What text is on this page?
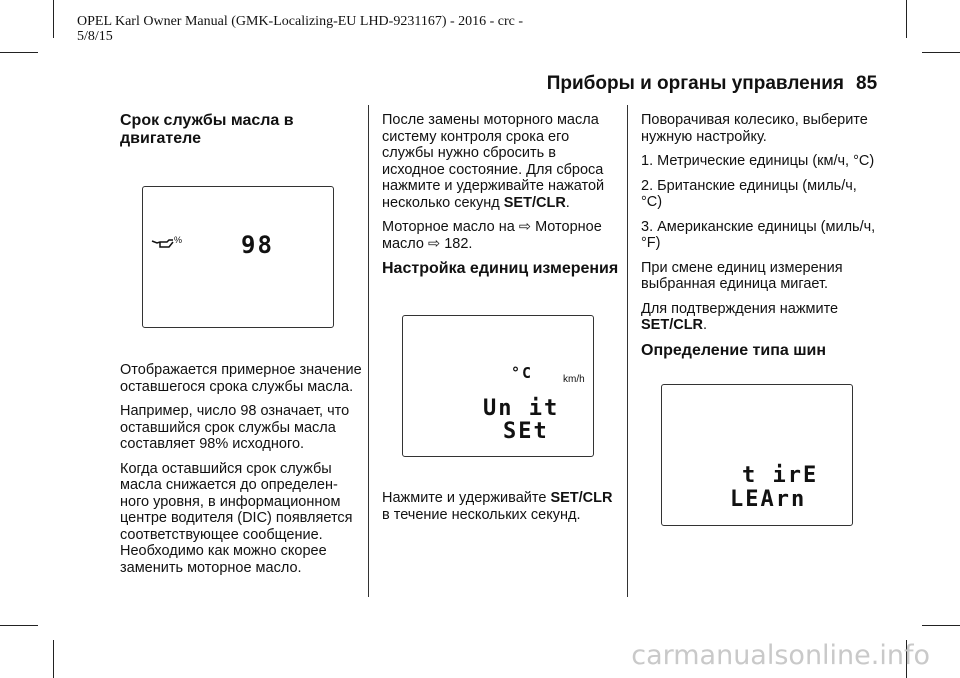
OPEL Karl Owner Manual (GMK-Localizing-EU LHD-9231167) - 2016 - crc -
5/8/15
Приборы и органы управления 85
Срок службы масла в двигателе
% 98

Отображается примерное значение оставшегося срока службы масла.

Например, число 98 означает, что оставшийся срок службы масла составляет 98% исходного.

Когда оставшийся срок службы масла снижается до определен-ного уровня, в информационном центре водителя (DIC) появляется соответствующее сообщение. Необходимо как можно скорее заменить моторное масло.

После замены моторного масла систему контроля срока его службы нужно сбросить в исходное состояние. Для сброса нажмите и удерживайте нажатой несколько секунд SET/CLR.

Моторное масло на ⇨ Моторное масло ⇨ 182.

Настройка единиц измерения
°C	km/h
Un it
SEt

Нажмите и удерживайте SET/CLR в течение нескольких секунд.

Поворачивая колесико, выберите нужную настройку.

1. Метрические единицы (км/ч, °C)

2. Британские единицы (миль/ч, °C)

3. Американские единицы (миль/ч, °F)

При смене единиц измерения выбранная единица мигает.

Для подтверждения нажмите SET/CLR.

Определение типа шин
t irE
LEArn
carmanualsonline.info
